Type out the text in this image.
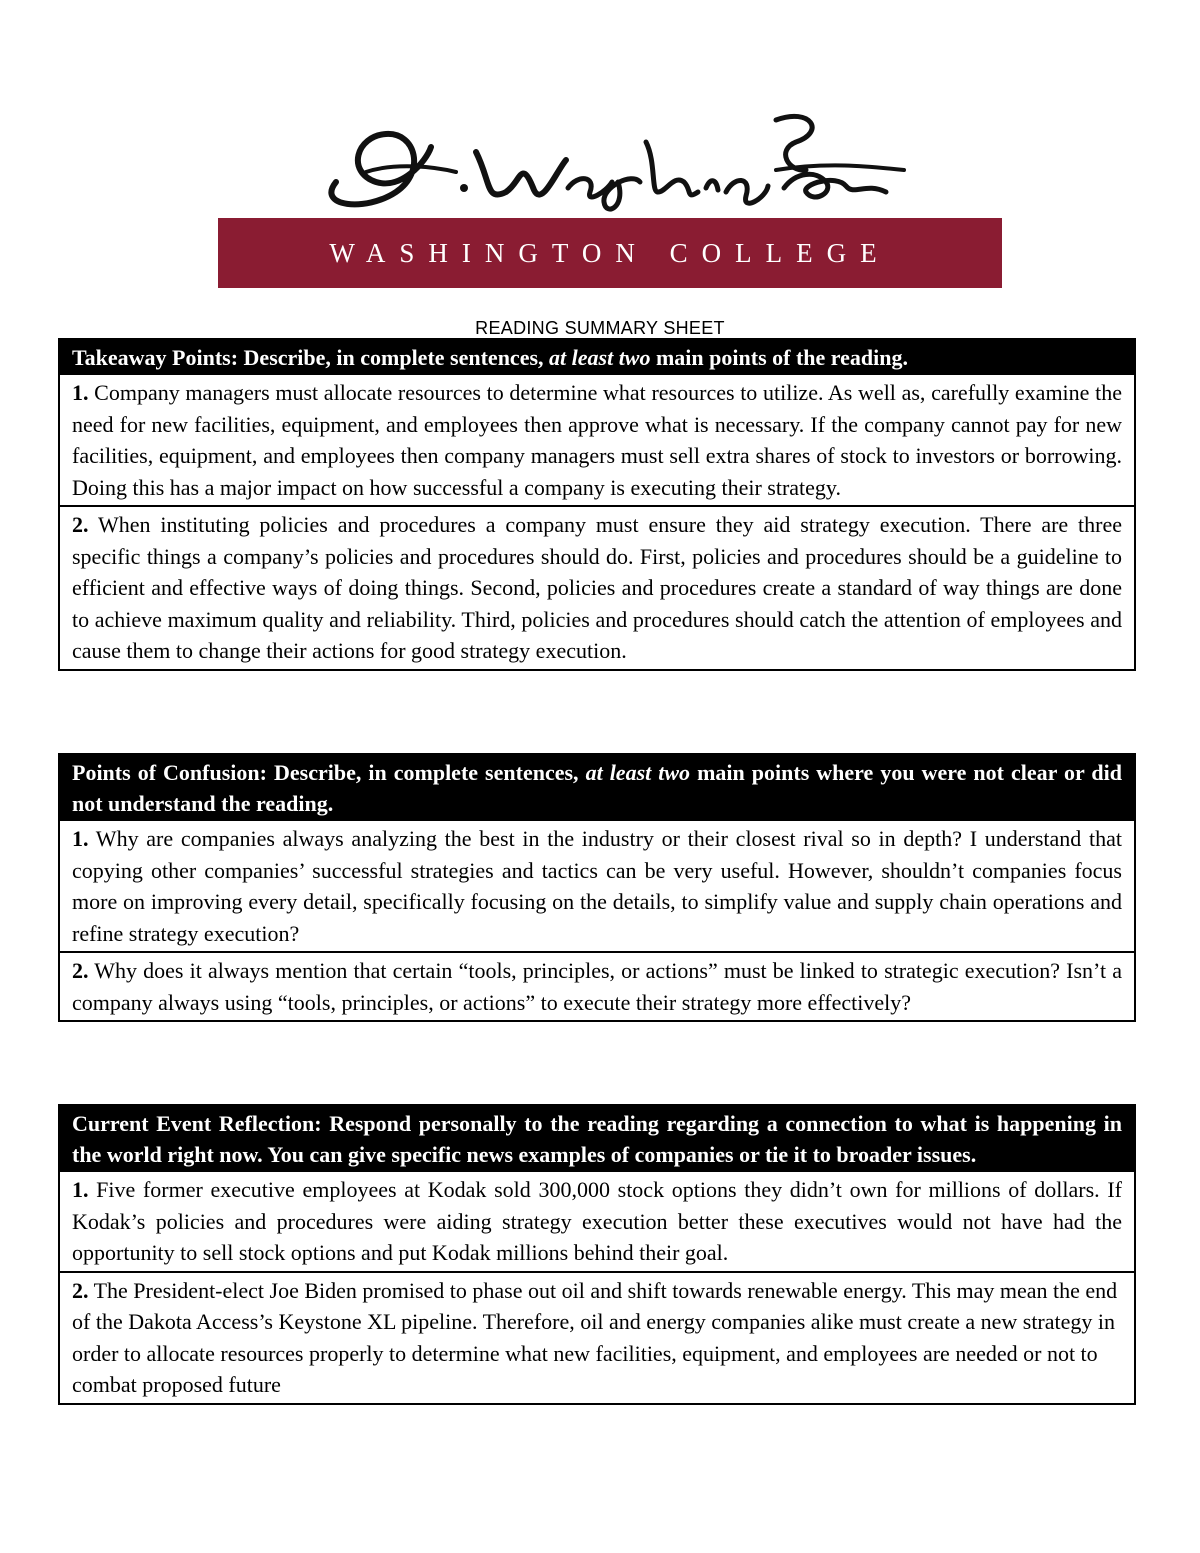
WASHINGTON COLLEGE
READING SUMMARY SHEET
Takeaway Points: Describe, in complete sentences, at least two main points of the reading.
1. Company managers must allocate resources to determine what resources to utilize. As well as, carefully examine the need for new facilities, equipment, and employees then approve what is necessary. If the company cannot pay for new facilities, equipment, and employees then company managers must sell extra shares of stock to investors or borrowing. Doing this has a major impact on how successful a company is executing their strategy.
2. When instituting policies and procedures a company must ensure they aid strategy execution. There are three specific things a company’s policies and procedures should do. First, policies and procedures should be a guideline to efficient and effective ways of doing things. Second, policies and procedures create a standard of way things are done to achieve maximum quality and reliability. Third, policies and procedures should catch the attention of employees and cause them to change their actions for good strategy execution.
Points of Confusion: Describe, in complete sentences, at least two main points where you were not clear or did not understand the reading.
1. Why are companies always analyzing the best in the industry or their closest rival so in depth? I understand that copying other companies’ successful strategies and tactics can be very useful. However, shouldn’t companies focus more on improving every detail, specifically focusing on the details, to simplify value and supply chain operations and refine strategy execution?
2. Why does it always mention that certain “tools, principles, or actions” must be linked to strategic execution? Isn’t a company always using “tools, principles, or actions” to execute their strategy more effectively?
Current Event Reflection: Respond personally to the reading regarding a connection to what is happening in the world right now. You can give specific news examples of companies or tie it to broader issues.
1. Five former executive employees at Kodak sold 300,000 stock options they didn’t own for millions of dollars. If Kodak’s policies and procedures were aiding strategy execution better these executives would not have had the opportunity to sell stock options and put Kodak millions behind their goal.
2. The President-elect Joe Biden promised to phase out oil and shift towards renewable energy. This may mean the end of the Dakota Access’s Keystone XL pipeline. Therefore, oil and energy companies alike must create a new strategy in order to allocate resources properly to determine what new facilities, equipment, and employees are needed or not to combat proposed future
